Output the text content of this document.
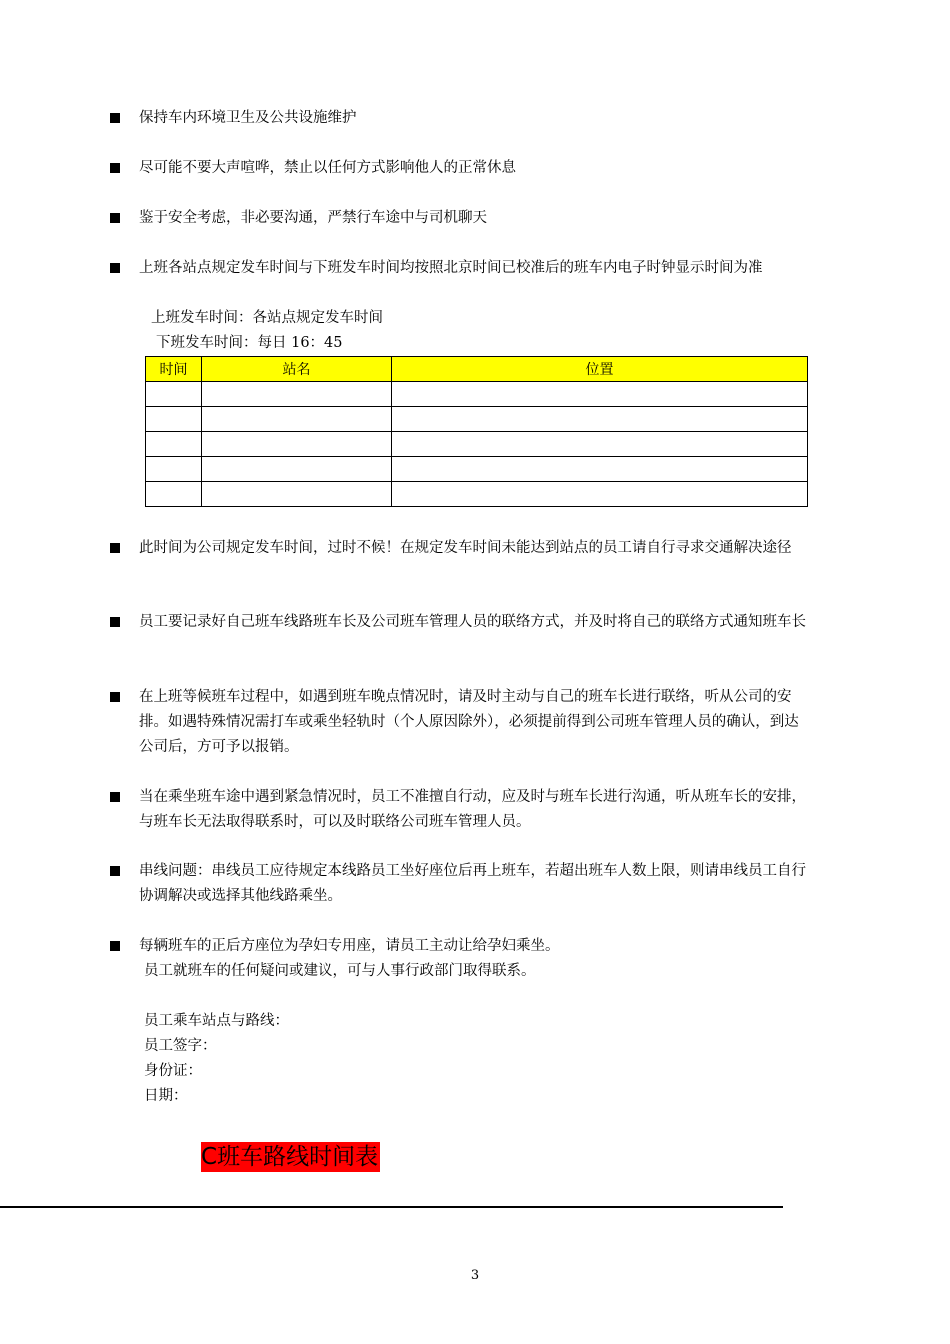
保持车内环境卫生及公共设施维护
尽可能不要大声喧哗，禁止以任何方式影响他人的正常休息
鉴于安全考虑，非必要沟通，严禁行车途中与司机聊天
上班各站点规定发车时间与下班发车时间均按照北京时间已校准后的班车内电子时钟显示时间为准
上班发车时间：各站点规定发车时间
下班发车时间：每日 16：45
时间	站名	位置

此时间为公司规定发车时间，过时不候！在规定发车时间未能达到站点的员工请自行寻求交通解决途径
员工要记录好自己班车线路班车长及公司班车管理人员的联络方式，并及时将自己的联络方式通知班车长
在上班等候班车过程中，如遇到班车晚点情况时，请及时主动与自己的班车长进行联络，听从公司的安排。如遇特殊情况需打车或乘坐轻轨时（个人原因除外），必须提前得到公司班车管理人员的确认，到达公司后，方可予以报销。
当在乘坐班车途中遇到紧急情况时，员工不准擅自行动，应及时与班车长进行沟通，听从班车长的安排，与班车长无法取得联系时，可以及时联络公司班车管理人员。
串线问题：串线员工应待规定本线路员工坐好座位后再上班车，若超出班车人数上限，则请串线员工自行协调解决或选择其他线路乘坐。
每辆班车的正后方座位为孕妇专用座，请员工主动让给孕妇乘坐。
员工就班车的任何疑问或建议，可与人事行政部门取得联系。
员工乘车站点与路线：
员工签字：
身份证：
日期：
C班车路线时间表
3
